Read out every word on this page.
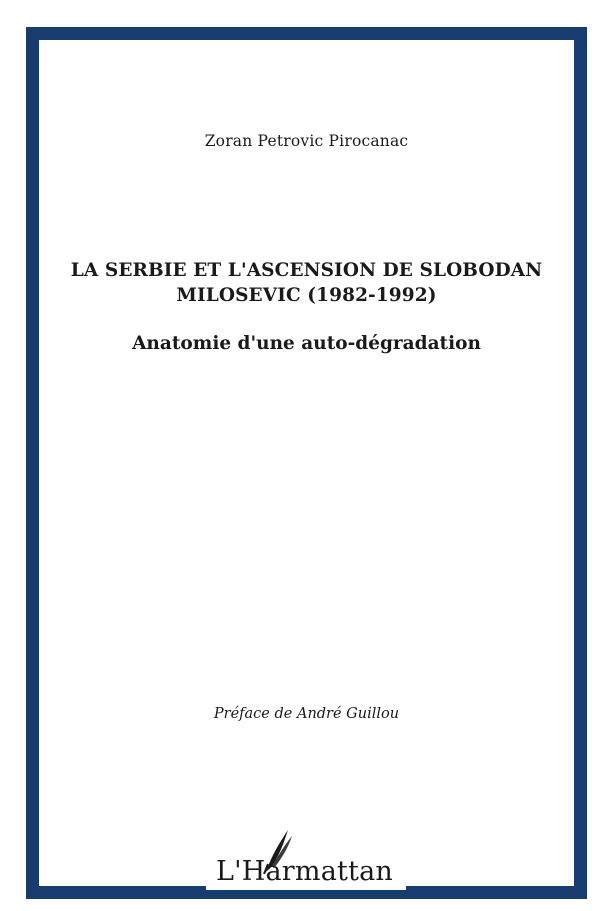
Zoran Petrovic Pirocanac
LA SERBIE ET L'ASCENSION DE SLOBODAN MILOSEVIC (1982-1992)
Anatomie d'une auto-dégradation
Préface de André Guillou
L'Harmattan
